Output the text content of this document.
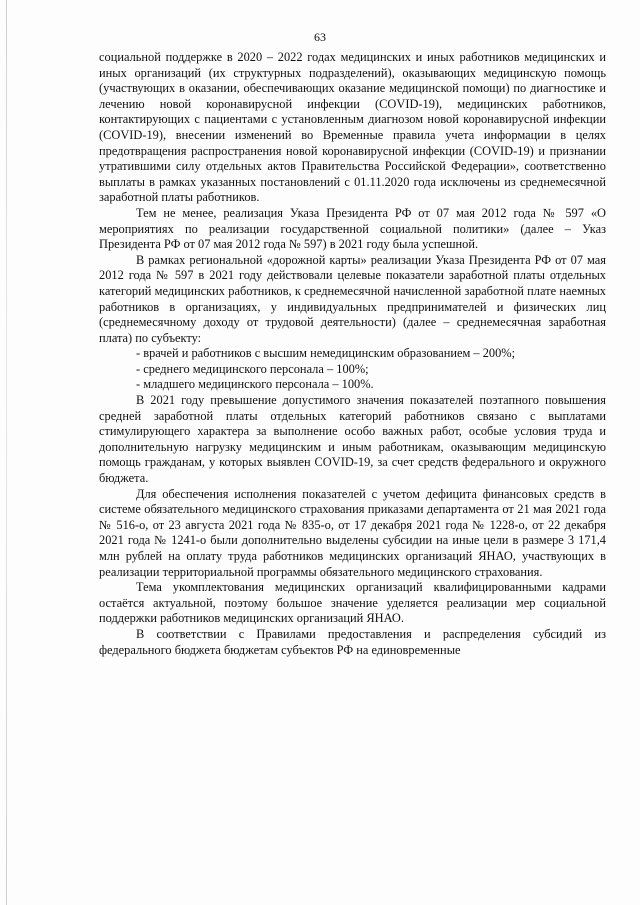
63

социальной поддержке в 2020 – 2022 годах медицинских и иных работников медицинских и иных организаций (их структурных подразделений), оказывающих медицинскую помощь (участвующих в оказании, обеспечивающих оказание медицинской помощи) по диагностике и лечению новой коронавирусной инфекции (COVID-19), медицинских работников, контактирующих с пациентами с установленным диагнозом новой коронавирусной инфекции (COVID-19), внесении изменений во Временные правила учета информации в целях предотвращения распространения новой коронавирусной инфекции (COVID-19) и признании утратившими силу отдельных актов Правительства Российской Федерации», соответственно выплаты в рамках указанных постановлений с 01.11.2020 года исключены из среднемесячной заработной платы работников.

Тем не менее, реализация Указа Президента РФ от 07 мая 2012 года № 597 «О мероприятиях по реализации государственной социальной политики» (далее – Указ Президента РФ от 07 мая 2012 года № 597) в 2021 году была успешной.

В рамках региональной «дорожной карты» реализации Указа Президента РФ от 07 мая 2012 года № 597 в 2021 году действовали целевые показатели заработной платы отдельных категорий медицинских работников, к среднемесячной начисленной заработной плате наемных работников в организациях, у индивидуальных предпринимателей и физических лиц (среднемесячному доходу от трудовой деятельности) (далее – среднемесячная заработная плата) по субъекту:

- врачей и работников с высшим немедицинским образованием – 200%;

- среднего медицинского персонала – 100%;

- младшего медицинского персонала – 100%.

В 2021 году превышение допустимого значения показателей поэтапного повышения средней заработной платы отдельных категорий работников связано с выплатами стимулирующего характера за выполнение особо важных работ, особые условия труда и дополнительную нагрузку медицинским и иным работникам, оказывающим медицинскую помощь гражданам, у которых выявлен COVID-19, за счет средств федерального и окружного бюджета.

Для обеспечения исполнения показателей с учетом дефицита финансовых средств в системе обязательного медицинского страхования приказами департамента от 21 мая 2021 года № 516-о, от 23 августа 2021 года № 835-о, от 17 декабря 2021 года № 1228-о, от 22 декабря 2021 года № 1241-о были дополнительно выделены субсидии на иные цели в размере 3 171,4 млн рублей на оплату труда работников медицинских организаций ЯНАО, участвующих в реализации территориальной программы обязательного медицинского страхования.

Тема укомплектования медицинских организаций квалифицированными кадрами остаётся актуальной, поэтому большое значение уделяется реализации мер социальной поддержки работников медицинских организаций ЯНАО.

В соответствии с Правилами предоставления и распределения субсидий из федерального бюджета бюджетам субъектов РФ на единовременные
